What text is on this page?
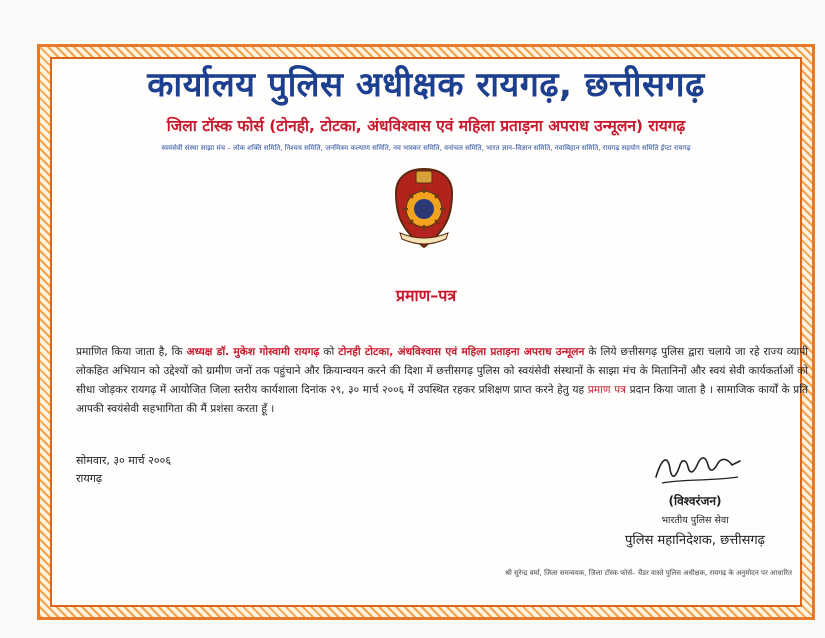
कार्यालय पुलिस अधीक्षक रायगढ़, छत्तीसगढ़
जिला टॉस्क फोर्स (टोनही, टोटका, अंधविश्वास एवं महिला प्रताड़ना अपराध उन्मूलन) रायगढ़
स्वयंसेवी संस्था साझा मंच – लोक शक्ति समिति, निश्चय समिति, जनमित्रम कल्याण समिति, नव भास्कर समिति, वनांचल समिति, भारत ज्ञान–विज्ञान समिति, नवाबिहान समिति, रायगढ़ सहयोग समिति ईप्टा रायगढ़
प्रमाण–पत्र
प्रमाणित किया जाता है, कि अध्यक्ष डॉ. मुकेश गोस्वामी रायगढ़ को टोनही टोटका, अंधविश्वास एवं महिला प्रताड़ना अपराध उन्मूलन के लिये छत्तीसगढ़ पुलिस द्वारा चलाये जा रहे राज्य व्यापी लोकहित अभियान को उद्देश्यों को ग्रामीण जनों तक पहुंचाने और क्रियान्वयन करने की दिशा में छत्तीसगढ़ पुलिस को स्वयंसेवी संस्थानों के साझा मंच के मितानिनों और स्वयं सेवी कार्यकर्ताओं को सीधा जोड़कर रायगढ़ में आयोजित जिला स्तरीय कार्यशाला दिनांक २९, ३० मार्च २००६ में उपस्थित रहकर प्रशिक्षण प्राप्त करने हेतु यह प्रमाण पत्र प्रदान किया जाता है । सामाजिक कार्यों के प्रति आपकी स्वयंसेवी सहभागिता की मैं प्रशंसा करता हूँ ।
सोमवार, ३० मार्च २००६
रायगढ़
(विश्वरंजन)
भारतीय पुलिस सेवा
पुलिस महानिदेशक, छत्तीसगढ़
श्री सुरेन्द्र वर्मा, जिला समन्वयक, जिला टॉस्क फोर्स– चैंडर वास्ते पुलिस अधीक्षक, रायगढ़ के अनुमोदन पर आधारित
